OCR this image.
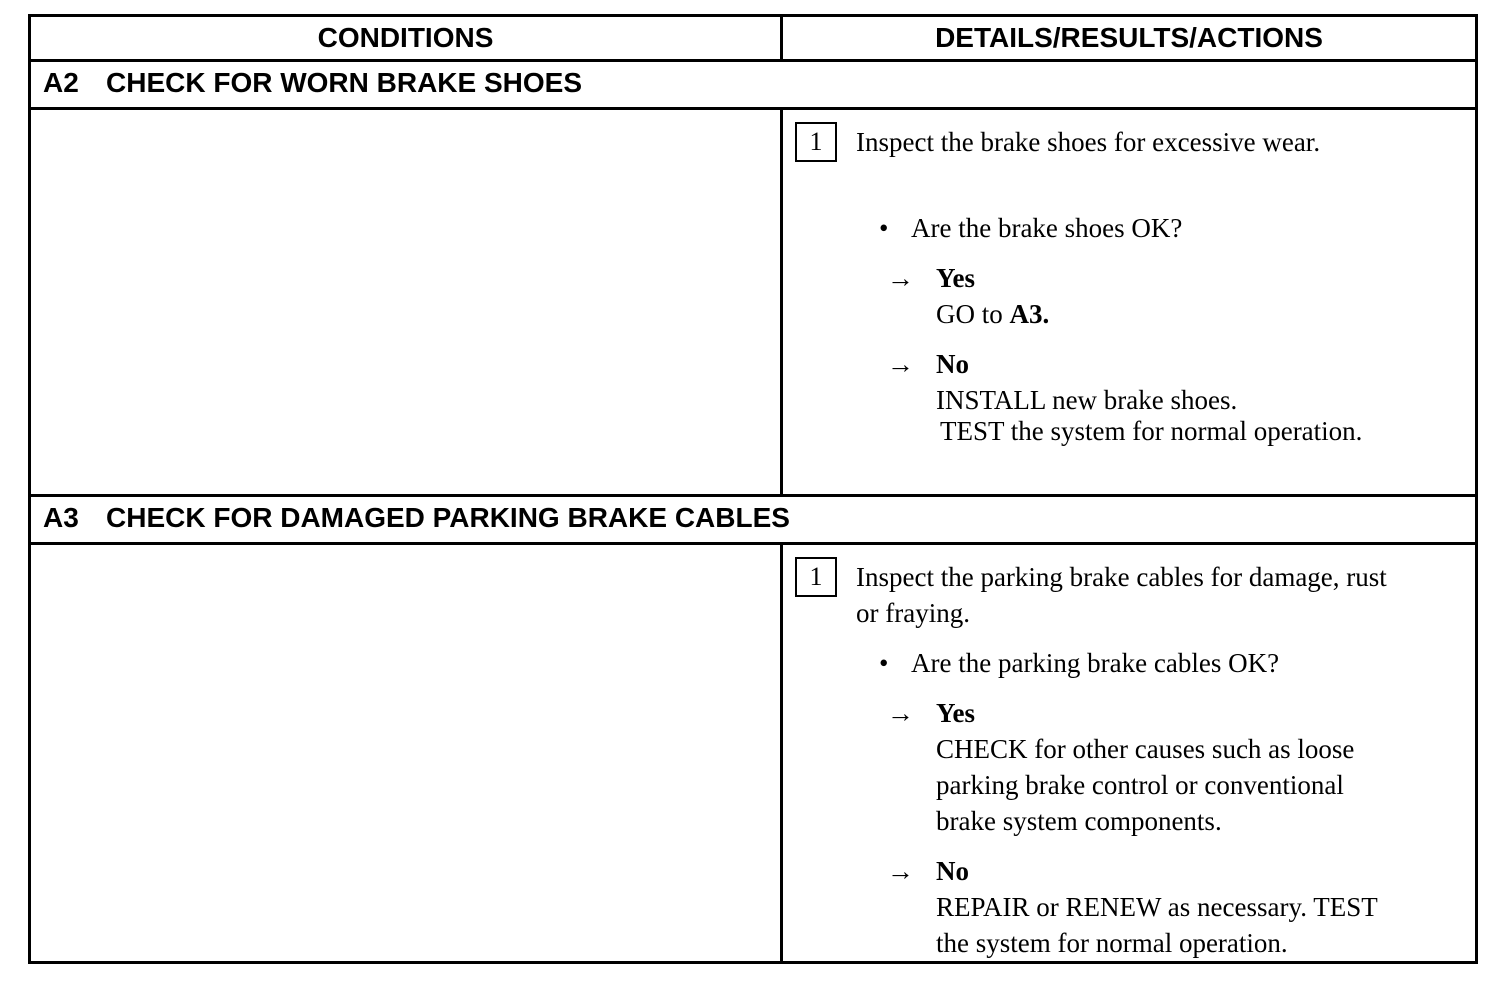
CONDITIONS	DETAILS/RESULTS/ACTIONS
A2 CHECK FOR WORN BRAKE SHOES
1	Inspect the brake shoes for excessive wear.
• Are the brake shoes OK?
→ Yes
GO to A3.
→ No
INSTALL new brake shoes.
TEST the system for normal operation.
A3 CHECK FOR DAMAGED PARKING BRAKE CABLES
1	Inspect the parking brake cables for damage, rust
or fraying.
• Are the parking brake cables OK?
→ Yes
CHECK for other causes such as loose
parking brake control or conventional
brake system components.
→ No
REPAIR or RENEW as necessary. TEST
the system for normal operation.
